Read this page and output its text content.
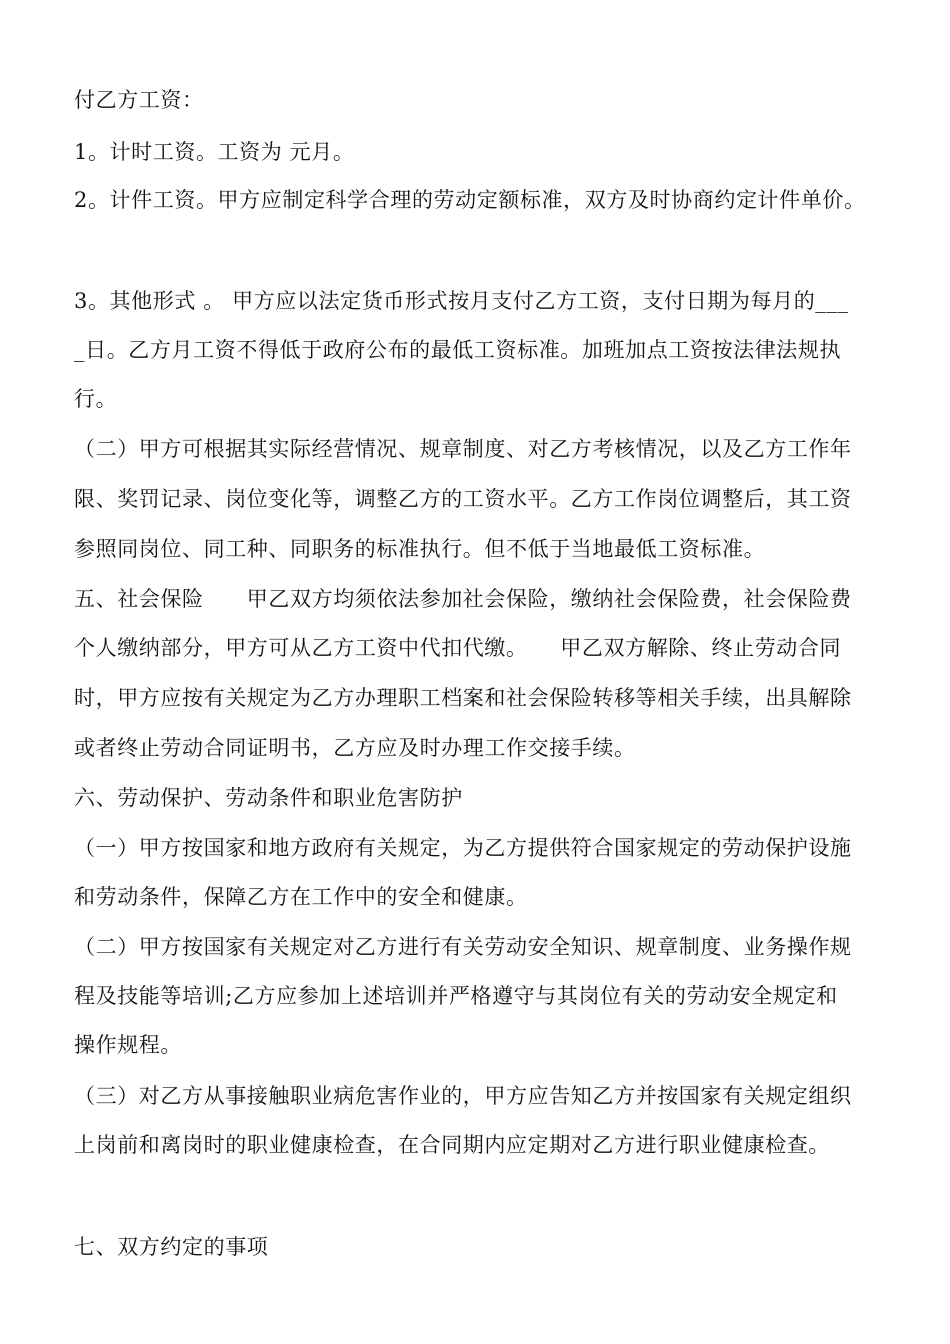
付乙方工资：
1。计时工资。工资为 元月。
2。计件工资。甲方应制定科学合理的劳动定额标准，双方及时协商约定计件单价。
3。其他形式 。 甲方应以法定货币形式按月支付乙方工资，支付日期为每月的___
_日。乙方月工资不得低于政府公布的最低工资标准。加班加点工资按法律法规执
行。
（二）甲方可根据其实际经营情况、规章制度、对乙方考核情况，以及乙方工作年
限、奖罚记录、岗位变化等，调整乙方的工资水平。乙方工作岗位调整后，其工资
参照同岗位、同工种、同职务的标准执行。但不低于当地最低工资标准。
五、社会保险　　甲乙双方均须依法参加社会保险，缴纳社会保险费，社会保险费
个人缴纳部分，甲方可从乙方工资中代扣代缴。　　甲乙双方解除、终止劳动合同
时，甲方应按有关规定为乙方办理职工档案和社会保险转移等相关手续，出具解除
或者终止劳动合同证明书，乙方应及时办理工作交接手续。
六、劳动保护、劳动条件和职业危害防护
（一）甲方按国家和地方政府有关规定，为乙方提供符合国家规定的劳动保护设施
和劳动条件，保障乙方在工作中的安全和健康。
（二）甲方按国家有关规定对乙方进行有关劳动安全知识、规章制度、业务操作规
程及技能等培训;乙方应参加上述培训并严格遵守与其岗位有关的劳动安全规定和
操作规程。
（三）对乙方从事接触职业病危害作业的，甲方应告知乙方并按国家有关规定组织
上岗前和离岗时的职业健康检查，在合同期内应定期对乙方进行职业健康检查。
七、双方约定的事项
